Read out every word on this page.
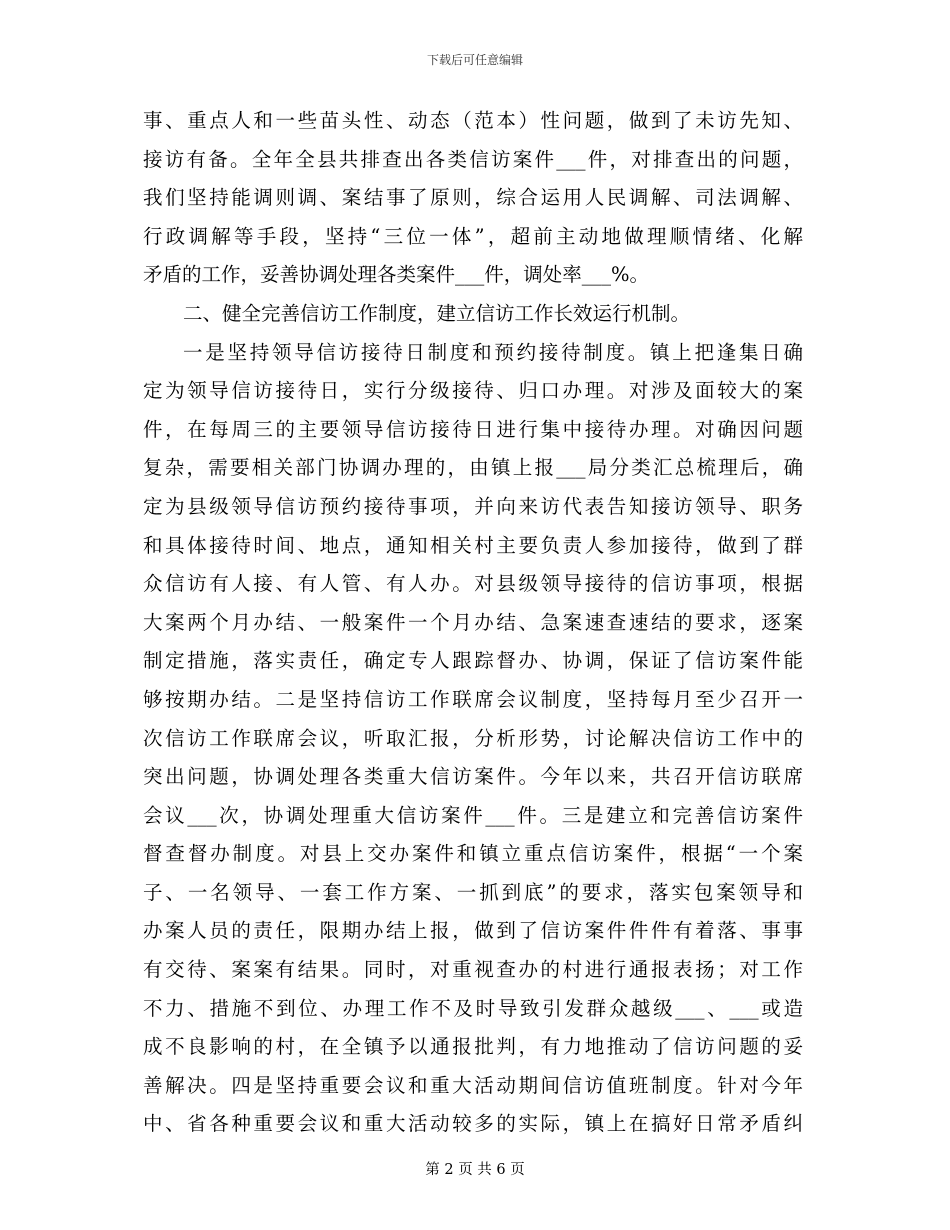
下载后可任意编辑
事、重点人和一些苗头性、动态（范本）性问题，做到了未访先知、
接访有备。全年全县共排查出各类信访案件___件，对排查出的问题，
我们坚持能调则调、案结事了原则，综合运用人民调解、司法调解、
行政调解等手段，坚持“三位一体”，超前主动地做理顺情绪、化解
矛盾的工作，妥善协调处理各类案件___件，调处率___%。
二、健全完善信访工作制度，建立信访工作长效运行机制。
一是坚持领导信访接待日制度和预约接待制度。镇上把逢集日确
定为领导信访接待日，实行分级接待、归口办理。对涉及面较大的案
件，在每周三的主要领导信访接待日进行集中接待办理。对确因问题
复杂，需要相关部门协调办理的，由镇上报___局分类汇总梳理后，确
定为县级领导信访预约接待事项，并向来访代表告知接访领导、职务
和具体接待时间、地点，通知相关村主要负责人参加接待，做到了群
众信访有人接、有人管、有人办。对县级领导接待的信访事项，根据
大案两个月办结、一般案件一个月办结、急案速查速结的要求，逐案
制定措施，落实责任，确定专人跟踪督办、协调，保证了信访案件能
够按期办结。二是坚持信访工作联席会议制度，坚持每月至少召开一
次信访工作联席会议，听取汇报，分析形势，讨论解决信访工作中的
突出问题，协调处理各类重大信访案件。今年以来，共召开信访联席
会议___次，协调处理重大信访案件___件。三是建立和完善信访案件
督查督办制度。对县上交办案件和镇立重点信访案件，根据“一个案
子、一名领导、一套工作方案、一抓到底”的要求，落实包案领导和
办案人员的责任，限期办结上报，做到了信访案件件件有着落、事事
有交待、案案有结果。同时，对重视查办的村进行通报表扬；对工作
不力、措施不到位、办理工作不及时导致引发群众越级___、___或造
成不良影响的村，在全镇予以通报批判，有力地推动了信访问题的妥
善解决。四是坚持重要会议和重大活动期间信访值班制度。针对今年
中、省各种重要会议和重大活动较多的实际，镇上在搞好日常矛盾纠
第 2 页 共 6 页
